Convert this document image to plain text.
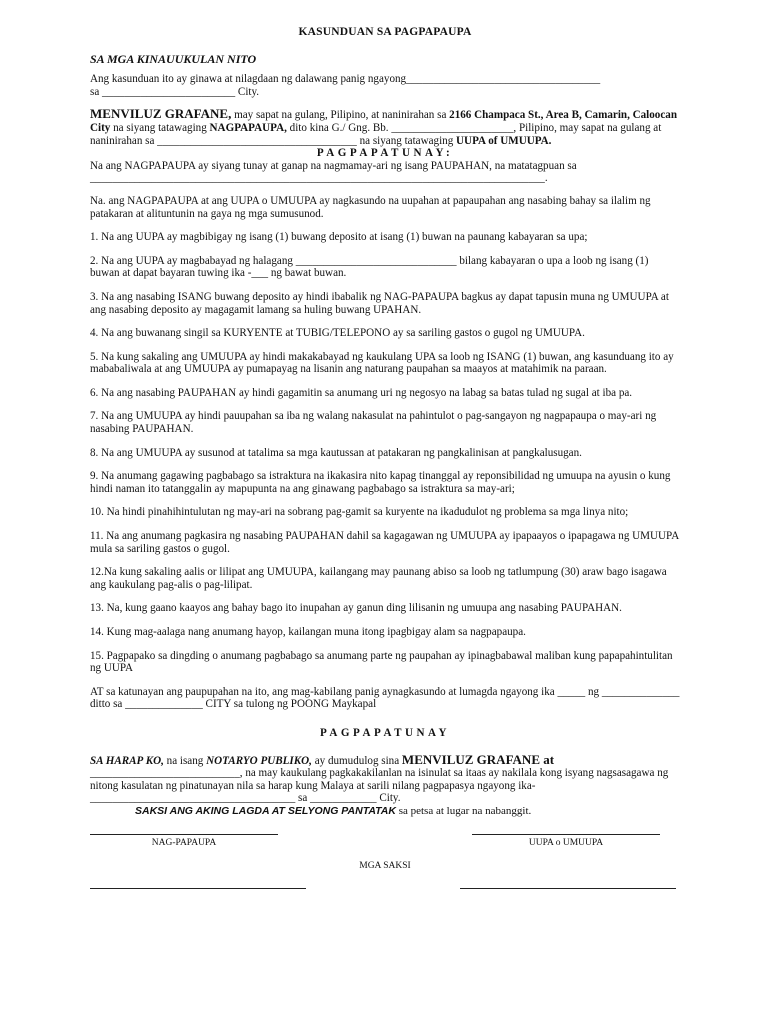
KASUNDUAN SA PAGPAPAUPA
SA MGA KINAUUKULAN NITO

Ang kasunduan ito ay ginawa at nilagdaan ng dalawang panig ngayong___________________________________

sa ________________________ City.

MENVILUZ GRAFANE, may sapat na gulang, Pilipino, at naninirahan sa 2166 Champaca St., Area B, Camarin, Caloocan City na siyang tatawaging NAGPAPAUPA, dito kina G./ Gng. Bb. ______________________, Pilipino, may sapat na gulang at naninirahan sa ____________________________________ na siyang tatawaging UUPA of UMUUPA.

PAGPAPATUNAY:

Na ang NAGPAPAUPA ay siyang tunay at ganap na nagmamay-ari ng isang PAUPAHAN, na matatagpuan sa __________________________________________________________________________________.

Na. ang NAGPAPAUPA at ang UUPA o UMUUPA ay nagkasundo na uupahan at papaupahan ang nasabing bahay sa ilalim ng patakaran at alituntunin na gaya ng mga sumusunod.

1. Na ang UUPA ay magbibigay ng isang (1) buwang deposito at isang (1) buwan na paunang kabayaran sa upa;

2. Na ang UUPA ay magbabayad ng halagang _____________________________ bilang kabayaran o upa a loob ng isang (1) buwan at dapat bayaran tuwing ika -___ ng bawat buwan.

3. Na ang nasabing ISANG buwang deposito ay hindi ibabalik ng NAG-PAPAUPA bagkus ay dapat tapusin muna ng UMUUPA at ang nasabing deposito ay magagamit lamang sa huling buwang UPAHAN.

4. Na ang buwanang singil sa KURYENTE at TUBIG/TELEPONO ay sa sariling gastos o gugol ng UMUUPA.

5. Na kung sakaling ang UMUUPA ay hindi makakabayad ng kaukulang UPA sa loob ng ISANG (1) buwan, ang kasunduang ito ay mababaliwala at ang UMUUPA ay pumapayag na lisanin ang naturang paupahan sa maayos at matahimik na paraan.

6. Na ang nasabing PAUPAHAN ay hindi gagamitin sa anumang uri ng negosyo na labag sa batas tulad ng sugal at iba pa.

7. Na ang UMUUPA ay hindi pauupahan sa iba ng walang nakasulat na pahintulot o pag-sangayon ng nagpapaupa o may-ari ng nasabing PAUPAHAN.

8. Na ang UMUUPA ay susunod at tatalima sa mga kautussan at patakaran ng pangkalinisan at pangkalusugan.

9. Na anumang gagawing pagbabago sa istraktura na ikakasira nito kapag tinanggal ay reponsibilidad ng umuupa na ayusin o kung hindi naman ito tatanggalin ay mapupunta na ang ginawang pagbabago sa istraktura sa may-ari;

10. Na hindi pinahihintulutan ng may-ari na sobrang pag-gamit sa kuryente na ikadudulot ng problema sa mga linya nito;

11. Na ang anumang pagkasira ng nasabing PAUPAHAN dahil sa kagagawan ng UMUUPA ay ipapaayos o ipapagawa ng UMUUPA mula sa sariling gastos o gugol.

12.Na kung sakaling aalis or lilipat ang UMUUPA, kailangang may paunang abiso sa loob ng tatlumpung (30) araw bago isagawa ang kaukulang pag-alis o pag-lilipat.

13. Na, kung gaano kaayos ang bahay bago ito inupahan ay ganun ding lilisanin ng umuupa ang nasabing PAUPAHAN.

14. Kung mag-aalaga nang anumang hayop, kailangan muna itong ipagbigay alam sa nagpapaupa.

15. Pagpapako sa dingding o anumang pagbabago sa anumang parte ng paupahan ay ipinagbabawal maliban kung papapahintulitan ng UUPA

AT sa katunayan ang paupupahan na ito, ang mag-kabilang panig aynagkasundo at lumagda ngayong ika _____ ng ______________ ditto sa ______________ CITY sa tulong ng POONG Maykapal

PAGPAPATUNAY

SA HARAP KO, na isang NOTARYO PUBLIKO, ay dumudulog sina MENVILUZ GRAFANE at ___________________________, na may kaukulang pagkakakilanlan na isinulat sa itaas ay nakilala kong isyang nagsasagawa ng nitong kasulatan ng pinatunayan nila sa harap kung Malaya at sarili nilang pagpapasya ngayong ika-_____________________________________ sa ____________ City.

SAKSI ANG AKING LAGDA AT SELYONG PANTATAK sa petsa at lugar na nabanggit.

NAG-PAPAUPA	UUPA o UMUUPA
MGA SAKSI
